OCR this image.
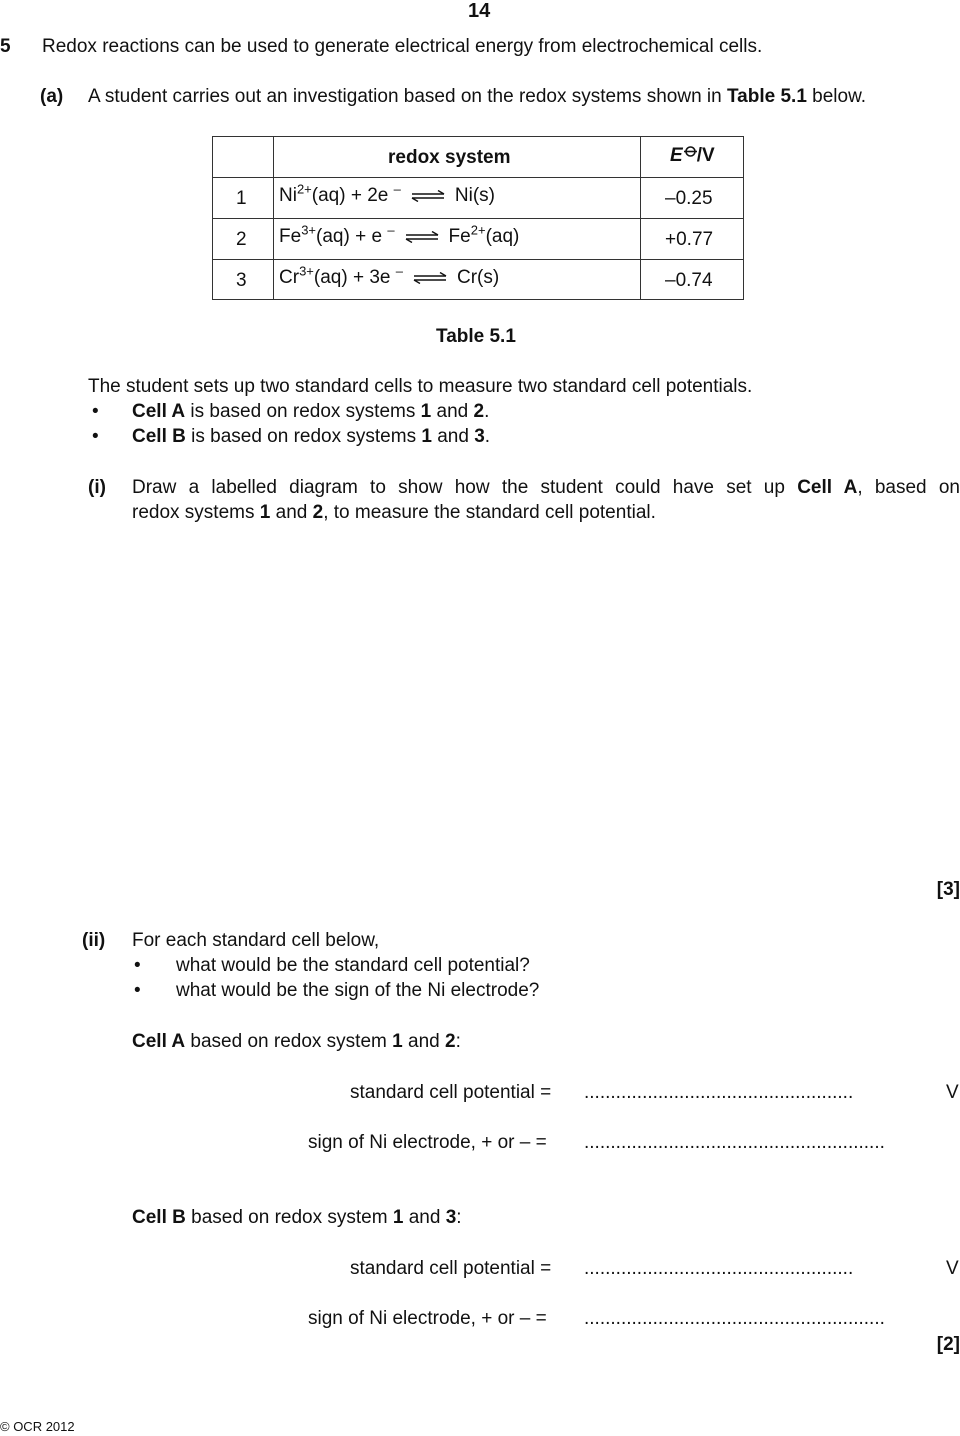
14
5 Redox reactions can be used to generate electrical energy from electrochemical cells.
(a) A student carries out an investigation based on the redox systems shown in Table 5.1 below.
redox system	E /V
1 $Ni^{2+}(aq) + 2e$ – ⇌ Ni(s)	–0.25
2 $Fe^{3+}(aq) + e$ – ⇌ $Fe^{2+}(aq)$	+0.77
3 $Cr^{3+}(aq) + 3e$ – ⇌ Cr(s)	–0.74
Table 5.1
The student sets up two standard cells to measure two standard cell potentials.
• Cell A is based on redox systems 1 and 2.
• Cell B is based on redox systems 1 and 3.
(i) Draw a labelled diagram to show how the student could have set up Cell A, based on
redox systems 1 and 2, to measure the standard cell potential.
[3]
(ii) For each standard cell below,
• what would be the standard cell potential?
• what would be the sign of the Ni electrode?
Cell A based on redox system 1 and 2:
standard cell potential = ...................................................	V
sign of Ni electrode, + or – = .........................................................
Cell B based on redox system 1 and 3:
standard cell potential = ...................................................	V
sign of Ni electrode, + or – = .........................................................
[2]
© OCR 2012
